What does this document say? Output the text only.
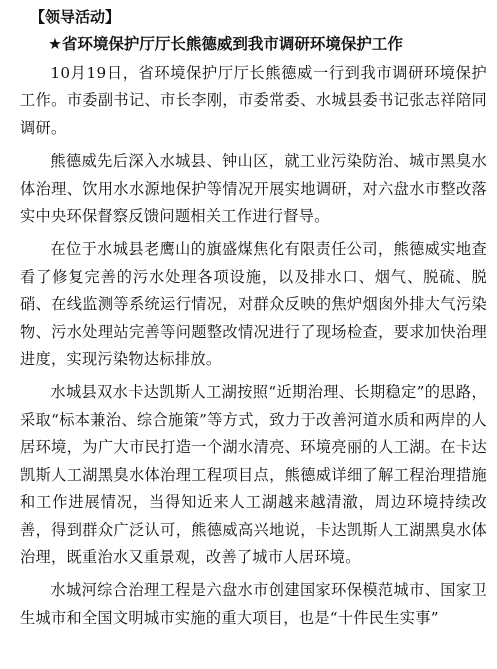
【领导活动】
★省环境保护厅厅长熊德威到我市调研环境保护工作

10月19日，省环境保护厅厅长熊德威一行到我市调研环境保护工作。市委副书记、市长李刚，市委常委、水城县委书记张志祥陪同调研。

熊德威先后深入水城县、钟山区，就工业污染防治、城市黑臭水体治理、饮用水水源地保护等情况开展实地调研，对六盘水市整改落实中央环保督察反馈问题相关工作进行督导。

在位于水城县老鹰山的旗盛煤焦化有限责任公司，熊德威实地查看了修复完善的污水处理各项设施，以及排水口、烟气、脱硫、脱硝、在线监测等系统运行情况，对群众反映的焦炉烟囱外排大气污染物、污水处理站完善等问题整改情况进行了现场检查，要求加快治理进度，实现污染物达标排放。

水城县双水卡达凯斯人工湖按照“近期治理、长期稳定”的思路，采取“标本兼治、综合施策”等方式，致力于改善河道水质和两岸的人居环境，为广大市民打造一个湖水清亮、环境亮丽的人工湖。在卡达凯斯人工湖黑臭水体治理工程项目点，熊德威详细了解工程治理措施和工作进展情况，当得知近来人工湖越来越清澈，周边环境持续改善，得到群众广泛认可，熊德威高兴地说，卡达凯斯人工湖黑臭水体治理，既重治水又重景观，改善了城市人居环境。

水城河综合治理工程是六盘水市创建国家环保模范城市、国家卫生城市和全国文明城市实施的重大项目，也是“十件民生实事”
